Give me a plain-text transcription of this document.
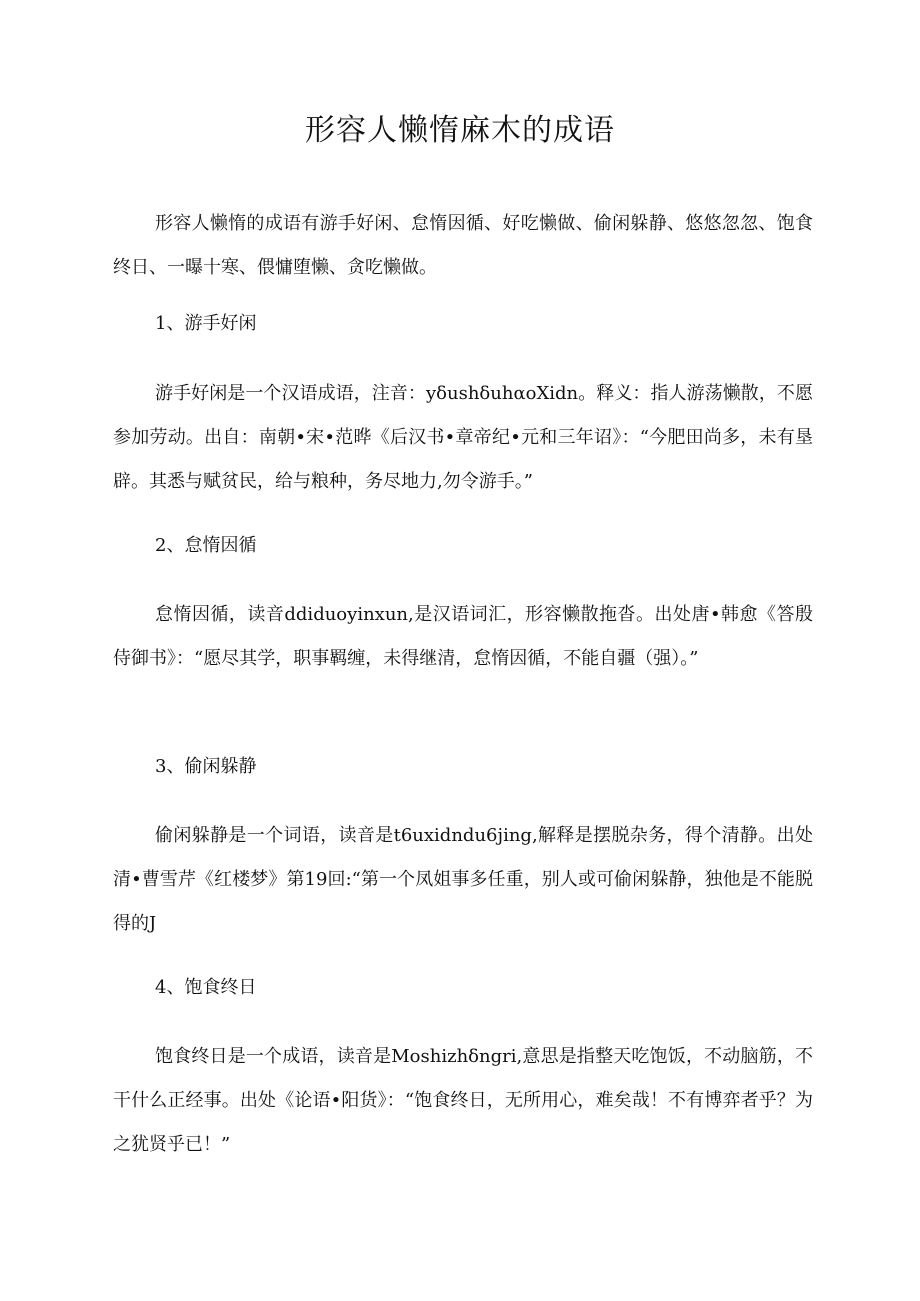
形容人懒惰麻木的成语

形容人懒惰的成语有游手好闲、怠惰因循、好吃懒做、偷闲躲静、悠悠忽忽、饱食终日、一曝十寒、偎慵堕懒、贪吃懒做。

1、游手好闲

游手好闲是一个汉语成语，注音：yδushδuhαoXidn。释义：指人游荡懒散，不愿参加劳动。出自：南朝•宋•范晔《后汉书•章帝纪•元和三年诏》：“今肥田尚多，未有垦辟。其悉与赋贫民，给与粮种，务尽地力,勿令游手。”

2、怠惰因循

怠惰因循，读音ddiduoyinxun,是汉语词汇，形容懒散拖沓。出处唐•韩愈《答殷侍御书》：“愿尽其学，职事羁缠，未得继清，怠惰因循，不能自疆（强）。”

3、偷闲躲静

偷闲躲静是一个词语，读音是t6uxidndu6jing,解释是摆脱杂务，得个清静。出处清•曹雪芹《红楼梦》第19回:“第一个凤姐事多任重，别人或可偷闲躲静，独他是不能脱得的J

4、饱食终日

饱食终日是一个成语，读音是Moshizhδngri,意思是指整天吃饱饭，不动脑筋，不干什么正经事。出处《论语•阳货》：“饱食终日，无所用心，难矣哉！不有博弈者乎？为之犹贤乎已！”
